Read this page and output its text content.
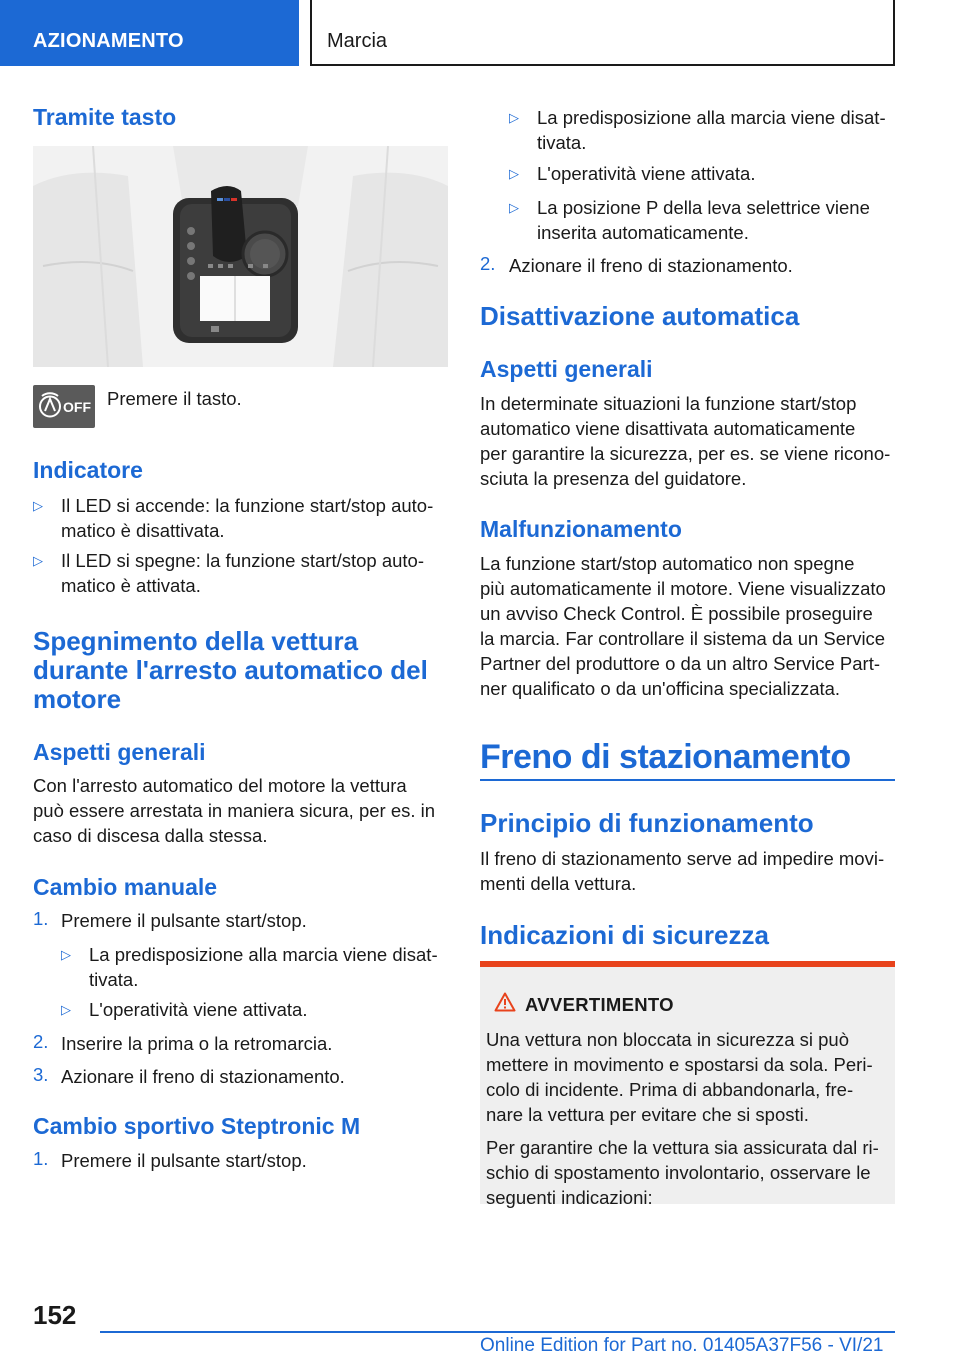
AZIONAMENTO	Marcia
Tramite tasto
OFF Premere il tasto.
Indicatore
▷ Il LED si accende: la funzione start/stop auto‐
matico è disattivata.
▷ Il LED si spegne: la funzione start/stop auto‐
matico è attivata.
Spegnimento della vettura
durante l'arresto automatico del
motore
Aspetti generali
Con l'arresto automatico del motore la vettura
può essere arrestata in maniera sicura, per es. in
caso di discesa dalla stessa.
Cambio manuale
1. Premere il pulsante start/stop.
▷ La predisposizione alla marcia viene disat‐
tivata.
▷ L'operatività viene attivata.
2. Inserire la prima o la retromarcia.
3. Azionare il freno di stazionamento.
Cambio sportivo Steptronic M
1. Premere il pulsante start/stop.
▷ La predisposizione alla marcia viene disat‐
tivata.
▷ L'operatività viene attivata.
▷ La posizione P della leva selettrice viene
inserita automaticamente.
2. Azionare il freno di stazionamento.
Disattivazione automatica
Aspetti generali
In determinate situazioni la funzione start/stop
automatico viene disattivata automaticamente
per garantire la sicurezza, per es. se viene ricono‐
sciuta la presenza del guidatore.
Malfunzionamento
La funzione start/stop automatico non spegne
più automaticamente il motore. Viene visualizzato
un avviso Check Control. È possibile proseguire
la marcia. Far controllare il sistema da un Service
Partner del produttore o da un altro Service Part‐
ner qualificato o da un'officina specializzata.
Freno di stazionamento
Principio di funzionamento
Il freno di stazionamento serve ad impedire movi‐
menti della vettura.
Indicazioni di sicurezza
AVVERTIMENTO
Una vettura non bloccata in sicurezza si può
mettere in movimento e spostarsi da sola. Peri‐
colo di incidente. Prima di abbandonarla, fre‐
nare la vettura per evitare che si sposti.
Per garantire che la vettura sia assicurata dal ri‐
schio di spostamento involontario, osservare le
seguenti indicazioni:
152
Online Edition for Part no. 01405A37F56 - VI/21
